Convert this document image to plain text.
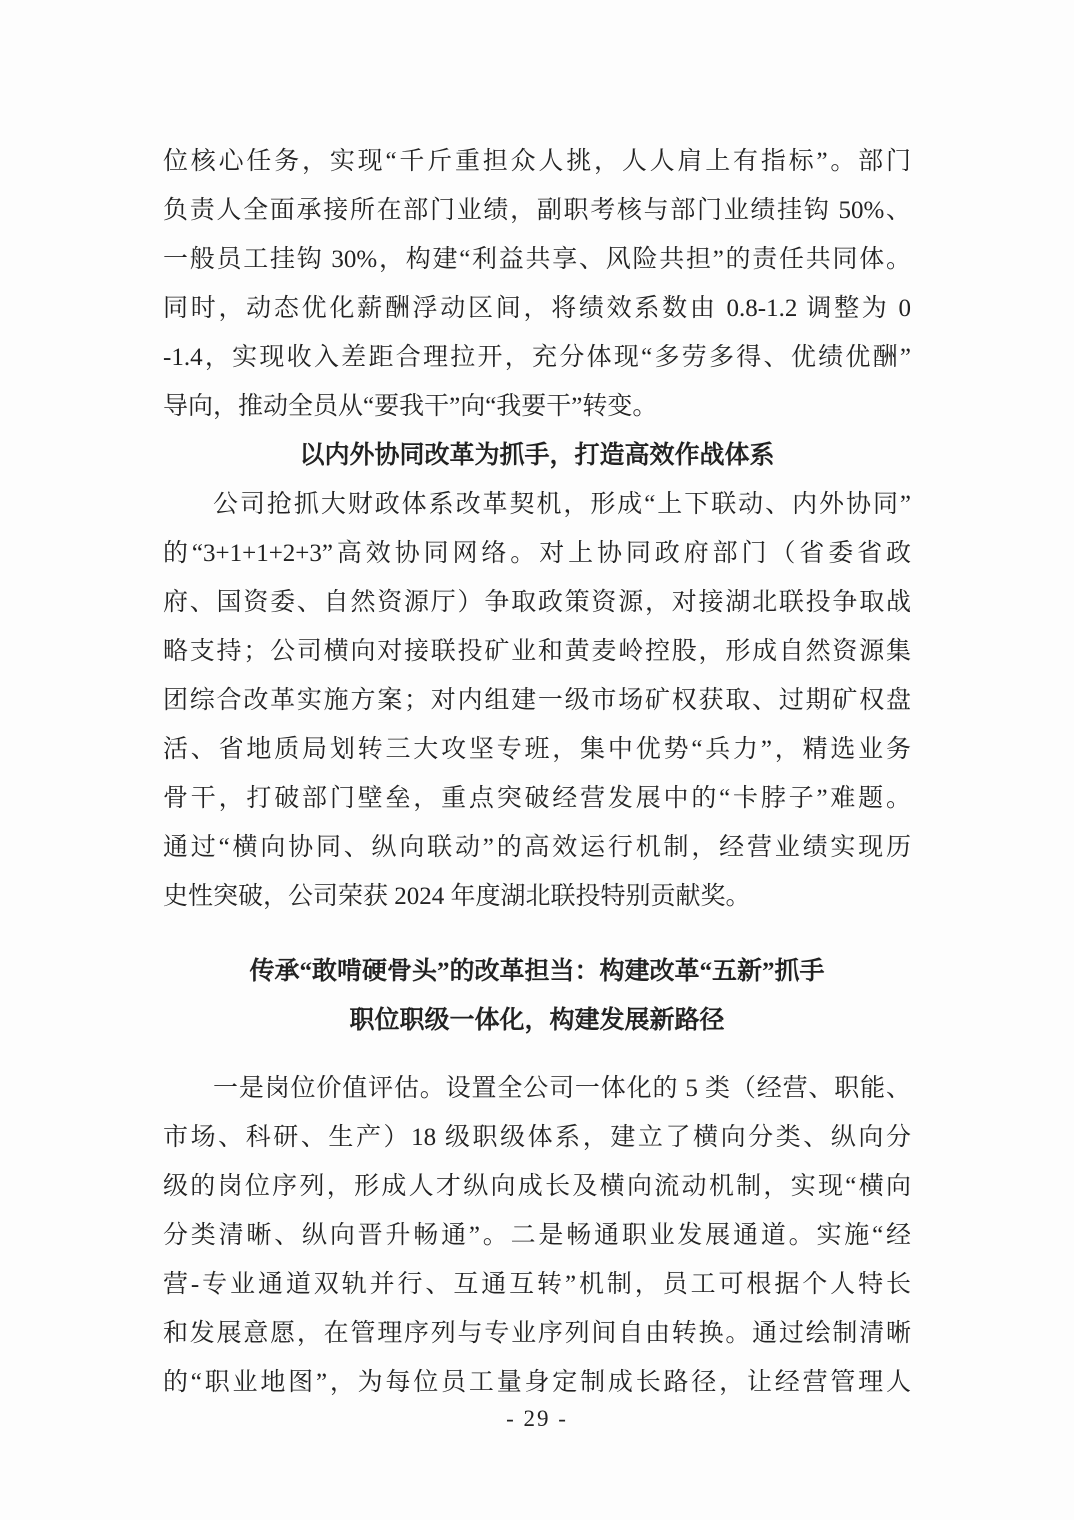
位核心任务，实现“千斤重担众人挑，人人肩上有指标”。部门
负责人全面承接所在部门业绩，副职考核与部门业绩挂钩 50%、
一般员工挂钩 30%，构建“利益共享、风险共担”的责任共同体。
同时，动态优化薪酬浮动区间，将绩效系数由 0.8-1.2 调整为 0
-1.4，实现收入差距合理拉开，充分体现“多劳多得、优绩优酬”
导向，推动全员从“要我干”向“我要干”转变。
以内外协同改革为抓手，打造高效作战体系
公司抢抓大财政体系改革契机，形成“上下联动、内外协同”
的“3+1+1+2+3”高效协同网络。对上协同政府部门（省委省政
府、国资委、自然资源厅）争取政策资源，对接湖北联投争取战
略支持；公司横向对接联投矿业和黄麦岭控股，形成自然资源集
团综合改革实施方案；对内组建一级市场矿权获取、过期矿权盘
活、省地质局划转三大攻坚专班，集中优势“兵力”，精选业务
骨干，打破部门壁垒，重点突破经营发展中的“卡脖子”难题。
通过“横向协同、纵向联动”的高效运行机制，经营业绩实现历
史性突破，公司荣获 2024 年度湖北联投特别贡献奖。
传承“敢啃硬骨头”的改革担当：构建改革“五新”抓手
职位职级一体化，构建发展新路径
一是岗位价值评估。设置全公司一体化的 5 类（经营、职能、
市场、科研、生产）18 级职级体系，建立了横向分类、纵向分
级的岗位序列，形成人才纵向成长及横向流动机制，实现“横向
分类清晰、纵向晋升畅通”。二是畅通职业发展通道。实施“经
营-专业通道双轨并行、互通互转”机制，员工可根据个人特长
和发展意愿，在管理序列与专业序列间自由转换。通过绘制清晰
的“职业地图”，为每位员工量身定制成长路径，让经营管理人
- 29 -
